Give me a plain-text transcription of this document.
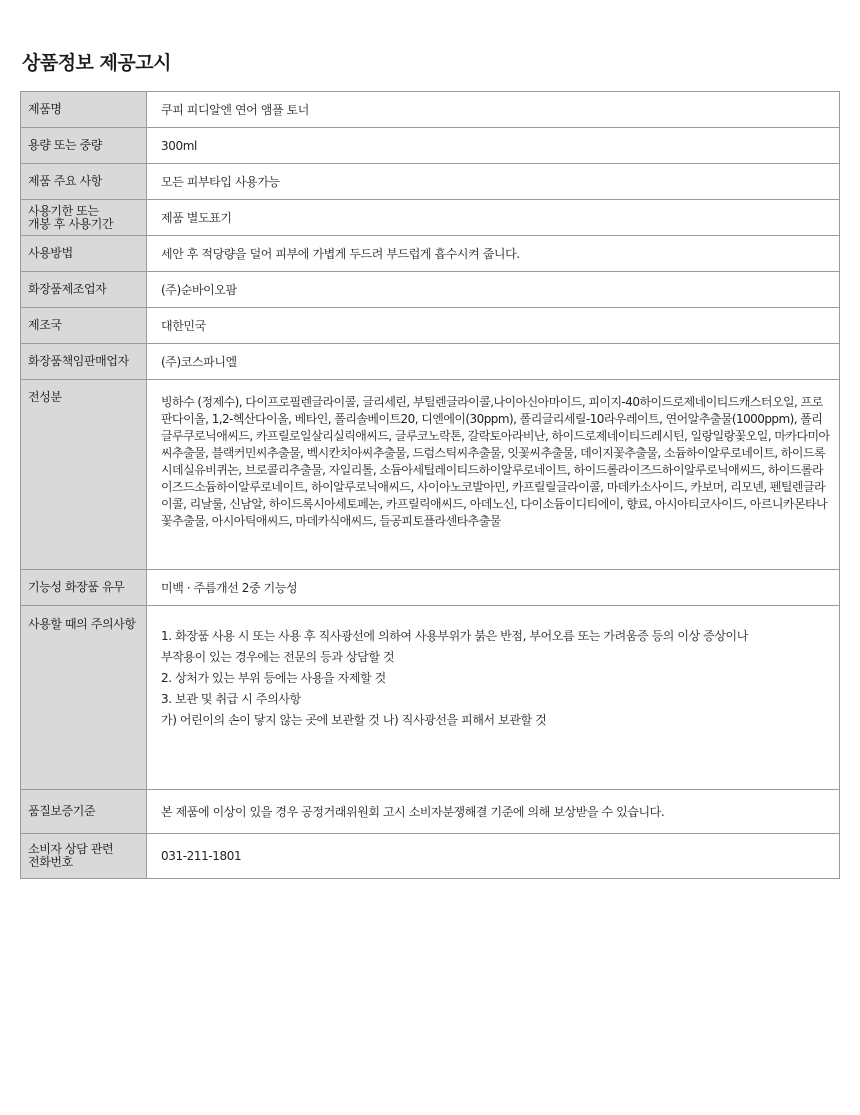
상품정보 제공고시
제품명	쿠피 피디알엔 연어 앰플 토너
용량 또는 중량	300ml
제품 주요 사항	모든 피부타입 사용가능

사용기한 또는
개봉 후 사용기간	제품 별도표기
사용방법	세안 후 적당량을 덜어 피부에 가볍게 두드려 부드럽게 흡수시켜 줍니다.
화장품제조업자	(주)순바이오팜
제조국	대한민국
화장품책임판매업자	(주)코스파니엘

전성분	빙하수 (정제수), 다이프로필렌글라이콜, 글리세린, 부틸렌글라이콜,나이아신아마이드, 피이지-40하이드로제네이티드캐스터오일, 프로판다이올, 1,2-헥산다이올, 베타인, 폴리솔베이트20, 디엔에이(30ppm), 폴리글리세릴-10라우레이트, 연어알추출물(1000ppm), 폴리글루쿠로닉애씨드, 카프릴로일살리실릭애씨드, 글루코노락톤, 갈락토아라비난, 하이드로제네이티드레시틴, 일랑일랑꽃오일, 마카다미아씨추출물, 블랙커민씨추출물, 벡시칸치아씨추출물, 드럼스틱씨추출물, 잇꽃씨추출물, 데이지꽃추출물, 소듐하이알루로네이트, 하이드록시데실유비퀴논, 브로콜리추출물, 자일리톨, 소듐아세틸레이티드하이알루로네이트, 하이드롤라이즈드하이알루로닉애씨드, 하이드롤라이즈드소듐하이알루로네이트, 하이알루로닉애씨드, 사이아노코발아민, 카프릴릴글라이콜, 마데카소사이드, 카보머, 리모넨, 펜틸렌글라이콜, 리날룰, 신남알, 하이드록시아세토페논, 카프릴릭애씨드, 아데노신, 다이소듐이디티에이, 향료, 아시아티코사이드, 아르니카몬타나꽃추출물, 아시아틱애씨드, 마데카식애씨드, 들공피토플라센타추출물

기능성 화장품 유무	미백 · 주름개선 2중 기능성

사용할 때의 주의사항	1. 화장품 사용 시 또는 사용 후 직사광선에 의하여 사용부위가 붉은 반점, 부어오름 또는 가려움증 등의 이상 증상이나
부작용이 있는 경우에는 전문의 등과 상담할 것
2. 상처가 있는 부위 등에는 사용을 자제할 것
3. 보관 및 취급 시 주의사항
가) 어린이의 손이 닿지 않는 곳에 보관할 것 나) 직사광선을 피해서 보관할 것

품질보증기준	본 제품에 이상이 있을 경우 공정거래위원회 고시 소비자분쟁해결 기준에 의해 보상받을 수 있습니다.

소비자 상담 관련
전화번호	031-211-1801
